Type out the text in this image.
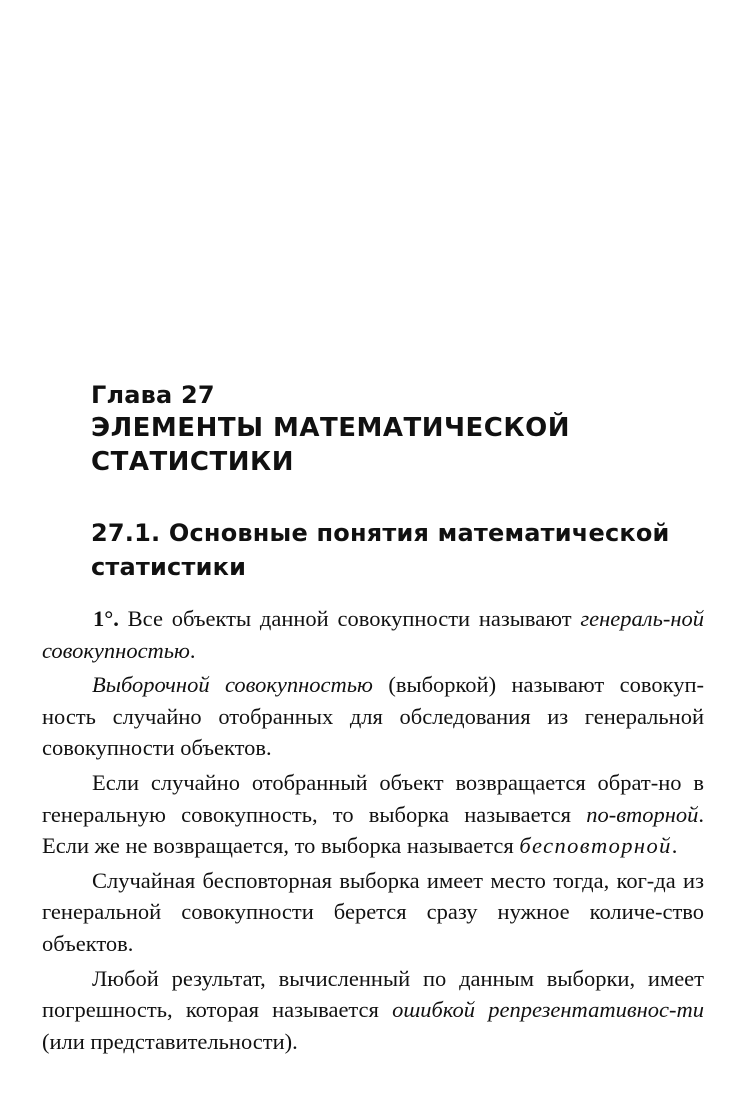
Глава 27
ЭЛЕМЕНТЫ МАТЕМАТИЧЕСКОЙ
СТАТИСТИКИ
27.1. Основные понятия математической
статистики

1°. Все объекты данной совокупности называют генераль-ной совокупностью.

Выборочной совокупностью (выборкой) называют совокуп-ность случайно отобранных для обследования из генеральной совокупности объектов.

Если случайно отобранный объект возвращается обрат-но в генеральную совокупность, то выборка называется по-вторной. Если же не возвращается, то выборка называется бесповторной.

Случайная бесповторная выборка имеет место тогда, ког-да из генеральной совокупности берется сразу нужное количе-ство объектов.

Любой результат, вычисленный по данным выборки, имеет погрешность, которая называется ошибкой репрезентативнос-ти (или представительности).
